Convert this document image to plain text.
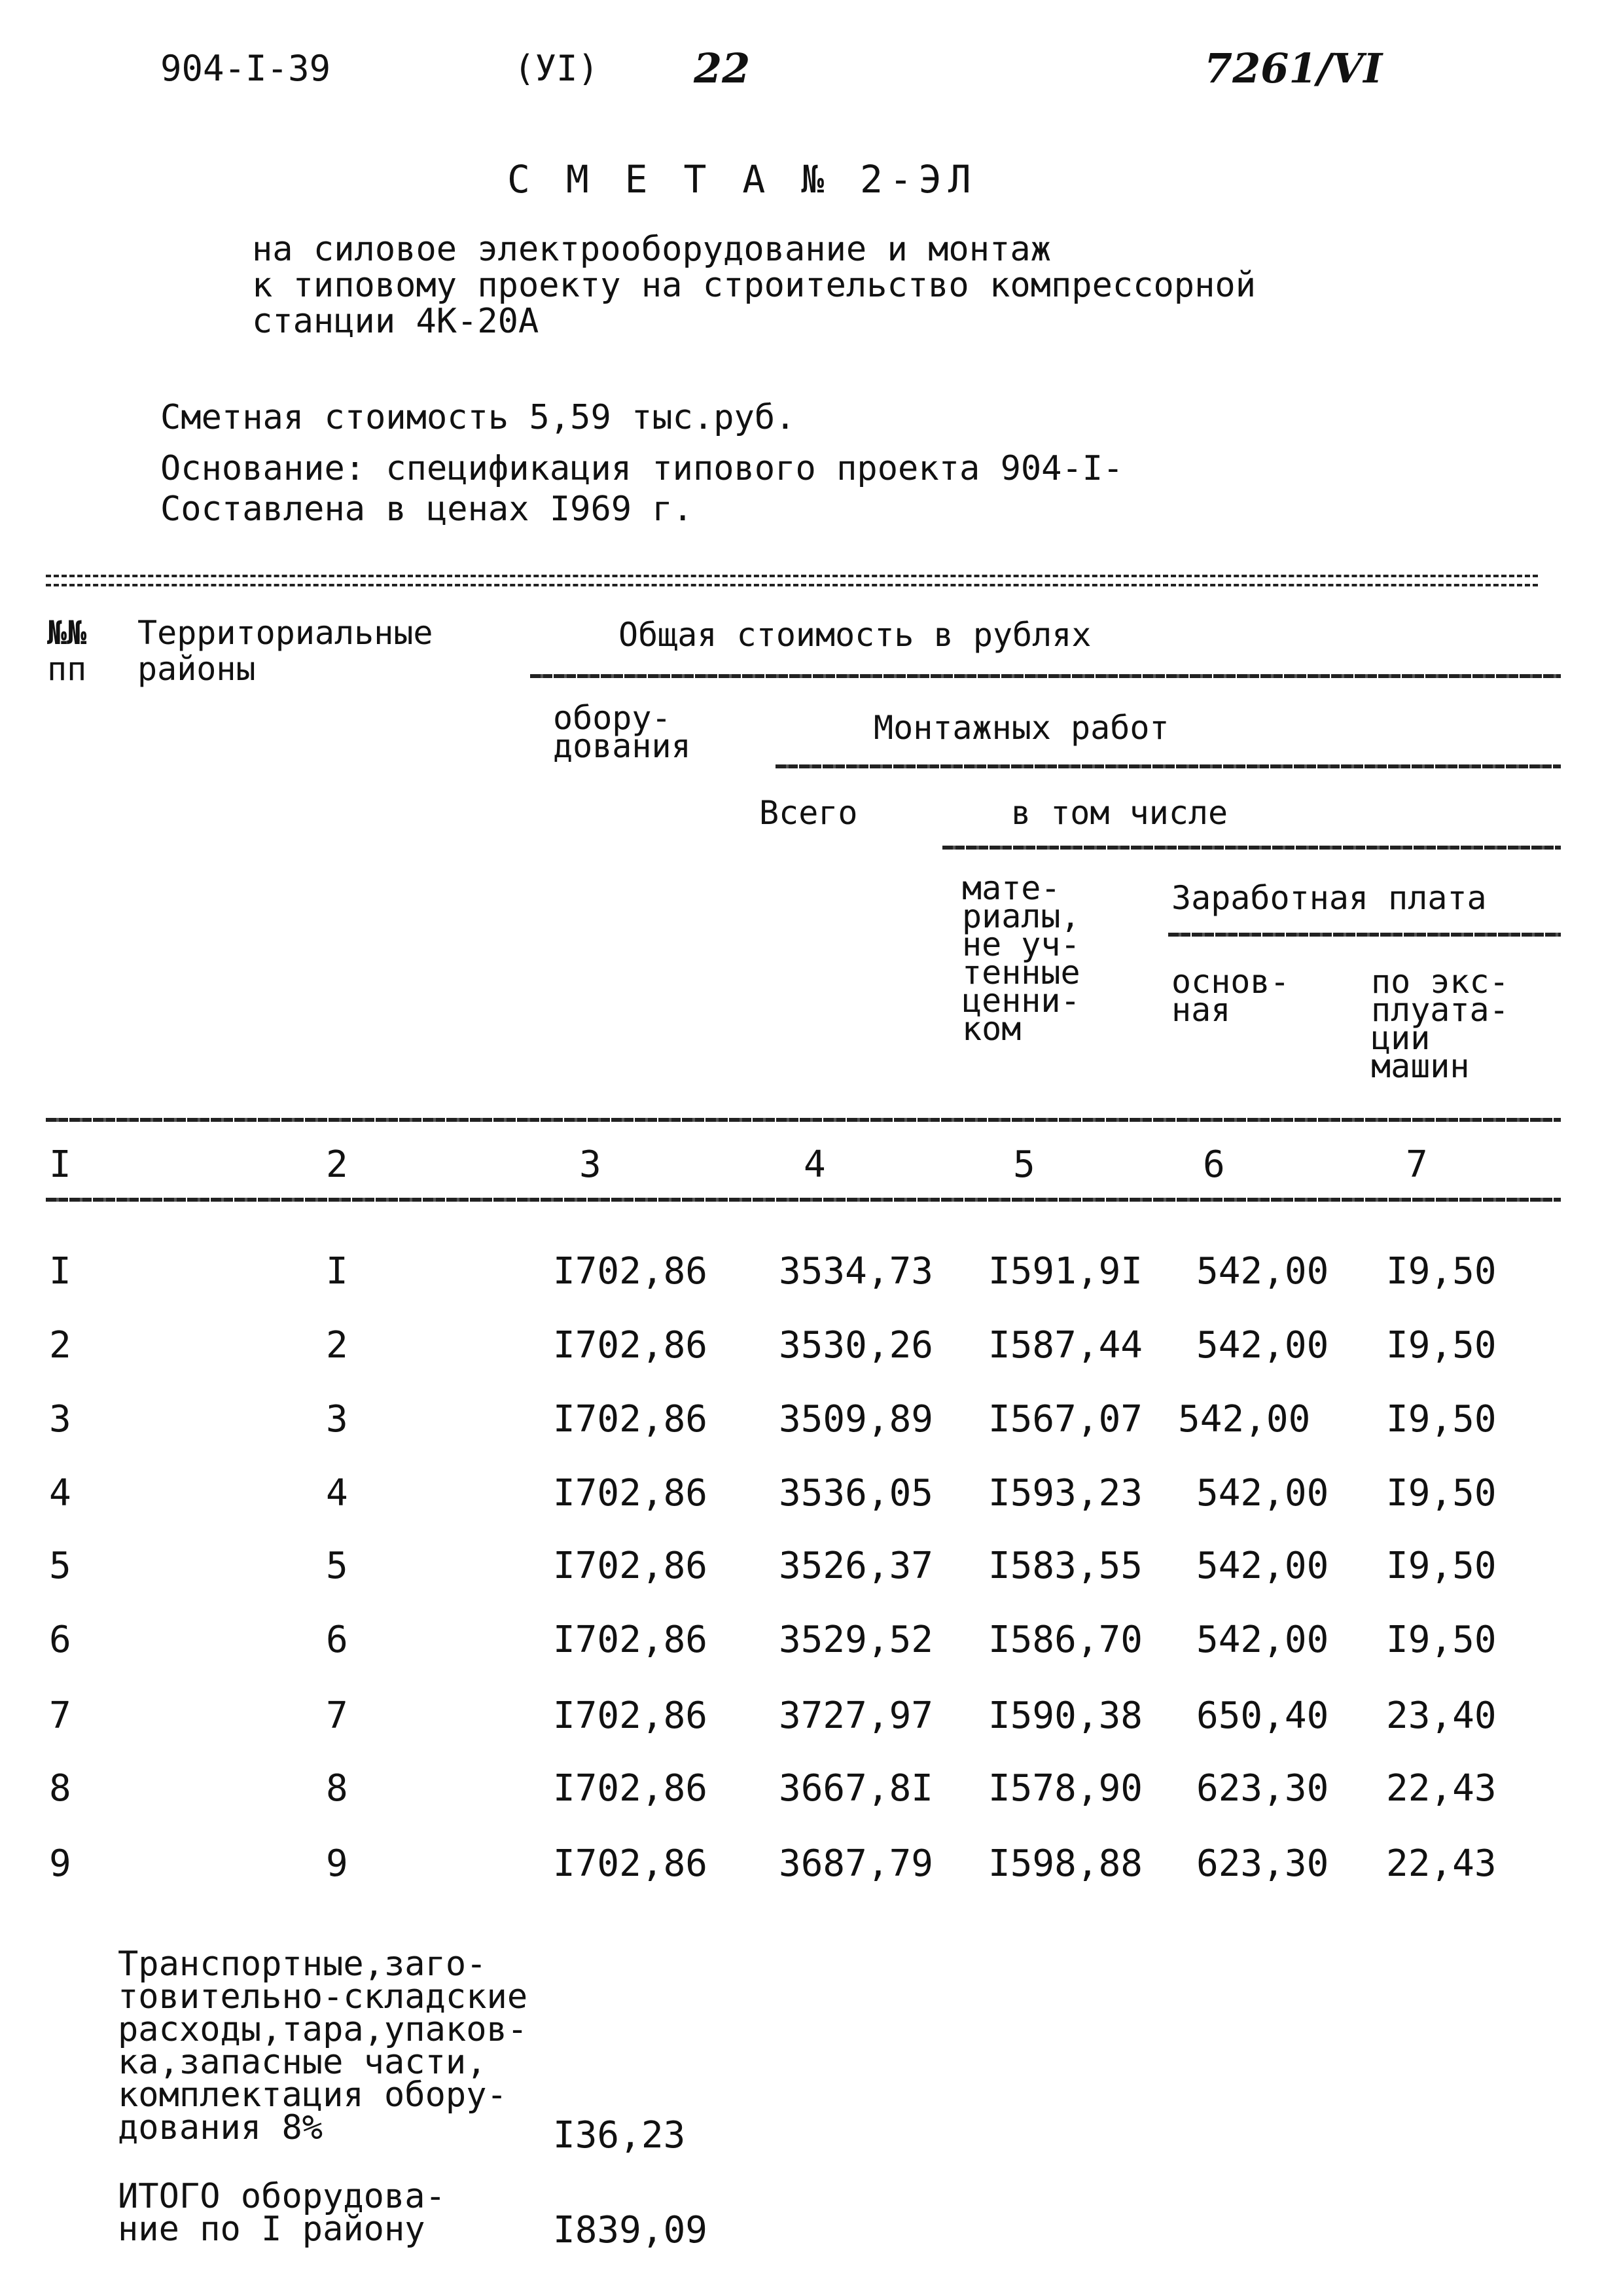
904-I-39	(УI) 22	7261/VI
С М Е Т А № 2-ЭЛ
на силовое электрооборудование и монтаж
к типовому проекту на строительство компрессорной
станции 4К-20А
Сметная стоимость 5,59 тыс.руб.
Основание: спецификация типового проекта 904-I-
Составлена в ценах I969 г.
№№
пп
Территориальные
районы
Общая стоимость в рублях
обору-
дования	Монтажных работ
Всего	в том числе
мате-
риалы,
не уч-
тенные
ценни-
ком
Заработная плата
основ-
ная
по экс-
плуата-
ции
машин
I	2	3	4	5	6	7
I	I	I702,86 3534,73 I591,9I 542,00 I9,50
2	2	I702,86 3530,26 I587,44 542,00 I9,50
3	3	I702,86 3509,89 I567,07 542,00 I9,50
4	4	I702,86 3536,05 I593,23 542,00 I9,50
5	5	I702,86 3526,37 I583,55 542,00 I9,50
6	6	I702,86 3529,52 I586,70 542,00 I9,50
7	7	I702,86 3727,97 I590,38 650,40 23,40
8	8	I702,86 3667,8I I578,90 623,30 22,43
9	9	I702,86 3687,79 I598,88 623,30 22,43
Транспортные,заго-
товительно-складские
расходы,тара,упаков-
ка,запасные части,
комплектация обору-
дования 8%	I36,23
ИТОГО оборудова-
ние по I району	I839,09
